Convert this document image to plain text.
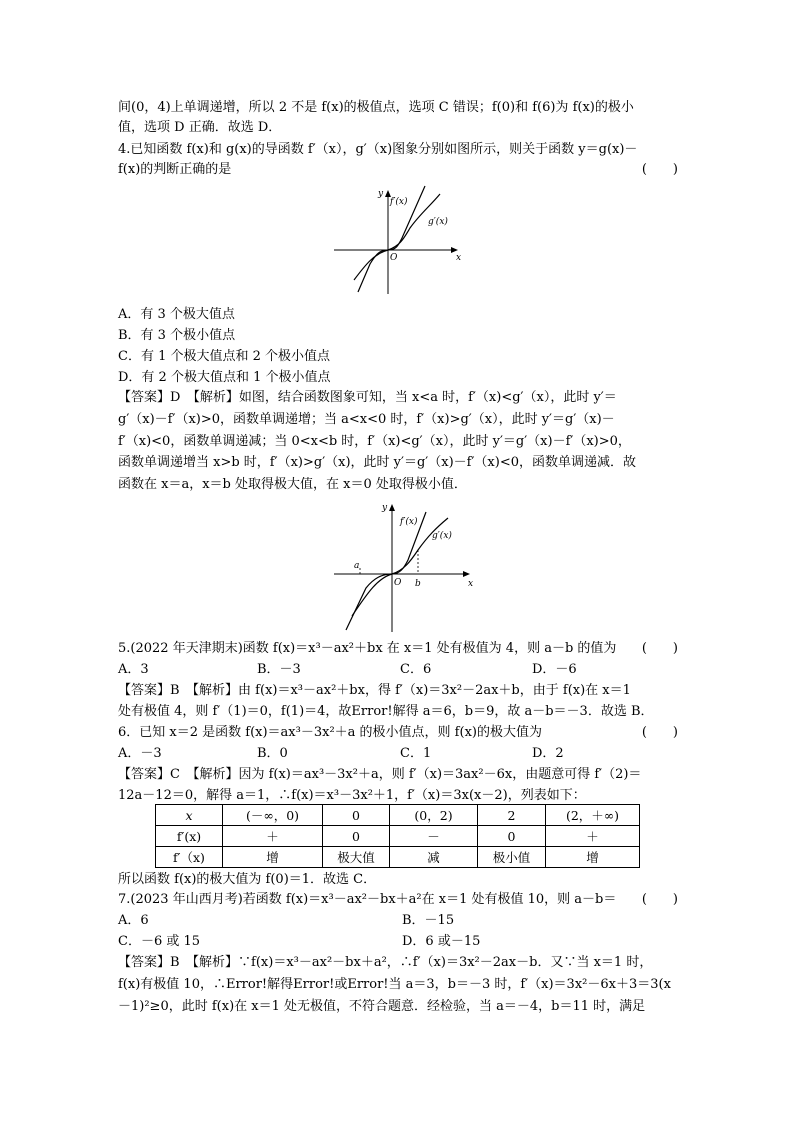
间(0，4)上单调递增，所以 2 不是 f(x)的极值点，选项 C 错误；f(0)和 f(6)为 f(x)的极小
值，选项 D 正确．故选 D．
4.已知函数 f(x)和 g(x)的导函数 f′（x），g′（x)图象分别如图所示，则关于函数 y＝g(x)－
f(x)的判断正确的是	(　　)
y
f′(x)
g′(x)
O	x
A．有 3 个极大值点
B．有 3 个极小值点
C．有 1 个极大值点和 2 个极小值点
D．有 2 个极大值点和 1 个极小值点
【答案】D　【解析】如图，结合函数图象可知，当 x<a 时，f′（x)<g′（x），此时 y′＝
g′（x)－f′（x)>0，函数单调递增；当 a<x<0 时，f′（x)>g′（x），此时 y′＝g′（x)－
f′（x)<0，函数单调递减；当 0<x<b 时，f′（x)<g′（x），此时 y′＝g′（x)－f′（x)>0，
函数单调递增当 x>b 时，f′（x)>g′（x)，此时 y′＝g′（x)－f′（x)<0，函数单调递减．故
函数在 x＝a，x＝b 处取得极大值，在 x＝0 处取得极小值．
y
f′(x)
g′(x)
a
O b	x
5.(2022 年天津期末)函数 f(x)＝x³－ax²＋bx 在 x＝1 处有极值为 4，则 a－b 的值为 (　　)
A．3	B．－3	C．6	D．－6
【答案】B　【解析】由 f(x)＝x³－ax²＋bx，得 f′（x)＝3x²－2ax＋b，由于 f(x)在 x＝1
处有极值 4，则 f′（1)＝0，f(1)＝4，故Error!解得 a＝6，b＝9，故 a－b＝－3．故选 B．
6．已知 x＝2 是函数 f(x)＝ax³－3x²＋a 的极小值点，则 f(x)的极大值为	(　　)
A．－3	B．0	C．1	D．2
【答案】C　【解析】因为 f(x)＝ax³－3x²＋a，则 f′（x)＝3ax²－6x，由题意可得 f′（2)＝
12a－12＝0，解得 a＝1，∴f(x)＝x³－3x²＋1，f′（x)＝3x(x－2)，列表如下：
x	(－∞，0)	0	(0，2)	2	(2，＋∞)
f′(x)	＋	0	－	0	＋
f′（x)	增	极大值	减	极小值	增
所以函数 f(x)的极大值为 f(0)＝1．故选 C．
7.(2023 年山西月考)若函数 f(x)＝x³－ax²－bx＋a²在 x＝1 处有极值 10，则 a－b＝ (　　)
A．6	B．－15
C．－6 或 15	D．6 或－15
【答案】B　【解析】∵f(x)＝x³－ax²－bx＋a²，∴f′（x)＝3x²－2ax－b．又∵当 x＝1 时，
f(x)有极值 10，∴Error!解得Error!或Error!当 a＝3，b＝－3 时，f′（x)＝3x²－6x＋3＝3(x
－1)²≥0，此时 f(x)在 x＝1 处无极值，不符合题意．经检验，当 a＝－4，b＝11 时，满足
